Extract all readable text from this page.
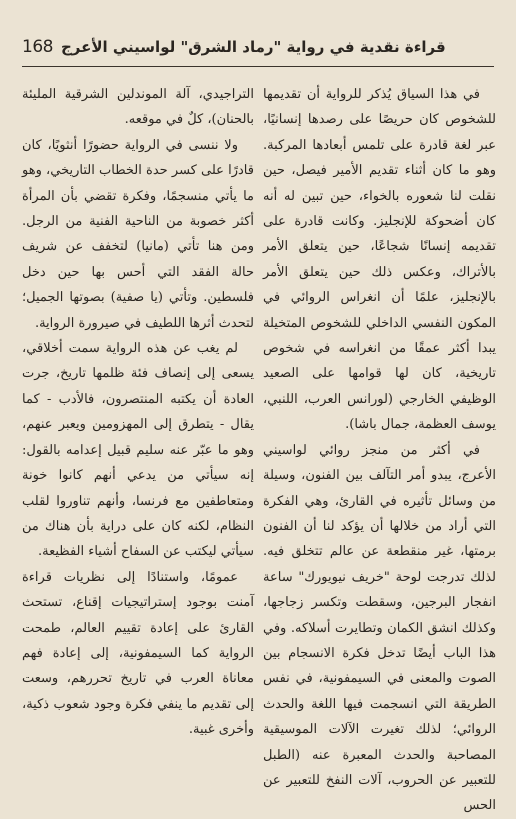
168 قراءة نقدية في رواية "رماد الشرق" لواسيني الأعرج

في هذا السياق يُذكر للرواية أن تقديمها للشخوص كان حريصًا على رصدها إنسانيًا، عبر لغة قادرة على تلمس أبعادها المركبة. وهو ما كان أثناء تقديم الأمير فيصل، حين نقلت لنا شعوره بالخواء، حين تبين له أنه كان أضحوكة للإنجليز. وكانت قادرة على تقديمه إنسانًا شجاعًا، حين يتعلق الأمر بالأتراك، وعكس ذلك حين يتعلق الأمر بالإنجليز، علمًا أن انغراس الروائي في المكون النفسي الداخلي للشخوص المتخيلة يبدا أكثر عمقًا من انغراسه في شخوص تاريخية، كان لها قوامها على الصعيد الوظيفي الخارجي (لورانس العرب، اللنبي، يوسف العظمة، جمال باشا).

في أكثر من منجز روائي لواسيني الأعرج، يبدو أمر التآلف بين الفنون، وسيلة من وسائل تأثيره في القارئ، وهي الفكرة التي أراد من خلالها أن يؤكد لنا أن الفنون برمتها، غير منقطعة عن عالم تتخلق فيه. لذلك تدرجت لوحة "خريف نيويورك" ساعة انفجار البرجين، وسقطت وتكسر زجاجها، وكذلك انشق الكمان وتطايرت أسلاكه. وفي هذا الباب أيضًا تدخل فكرة الانسجام بين الصوت والمعنى في السيمفونية، في نفس الطريقة التي انسجمت فيها اللغة والحدث الروائي؛ لذلك تغيرت الآلات الموسيقية المصاحبة والحدث المعبرة عنه (الطبل للتعبير عن الحروب، آلات النفخ للتعبير عن الحس

التراجيدي، آلة الموندلين الشرقية المليئة بالحنان)، كلٌ في موقعه.

ولا ننسى في الرواية حضورًا أنثويًا، كان قادرًا على كسر حدة الخطاب التاريخي، وهو ما يأتي منسجمًا، وفكرة تقضي بأن المرأة أكثر خصوبة من الناحية الفنية من الرجل. ومن هنا تأتي (مانيا) لتخفف عن شريف حالة الفقد التي أحس بها حين دخل فلسطين. وتأتي (يا صفية) بصوتها الجميل؛ لتحدث أثرها اللطيف في صيرورة الرواية.

لم يغب عن هذه الرواية سمت أخلاقي، يسعى إلى إنصاف فئة ظلمها تاريخ، جرت العادة أن يكتبه المنتصرون، فالأدب - كما يقال - يتطرق إلى المهزومين ويعبر عنهم، وهو ما عبّر عنه سليم قبيل إعدامه بالقول: إنه سيأتي من يدعي أنهم كانوا خونة ومتعاطفين مع فرنسا، وأنهم تناوروا لقلب النظام، لكنه كان على دراية بأن هناك من سيأتي ليكتب عن السفاح أشياء الفظيعة.

عمومًا، واستنادًا إلى نظريات قراءة آمنت بوجود إستراتيجيات إقناع، تستحث القارئ على إعادة تقييم العالم، طمحت الرواية كما السيمفونية، إلى إعادة فهم معاناة العرب في تاريخ تحررهم، وسعت إلى تقديم ما ينفي فكرة وجود شعوب ذكية، وأخرى غبية.
